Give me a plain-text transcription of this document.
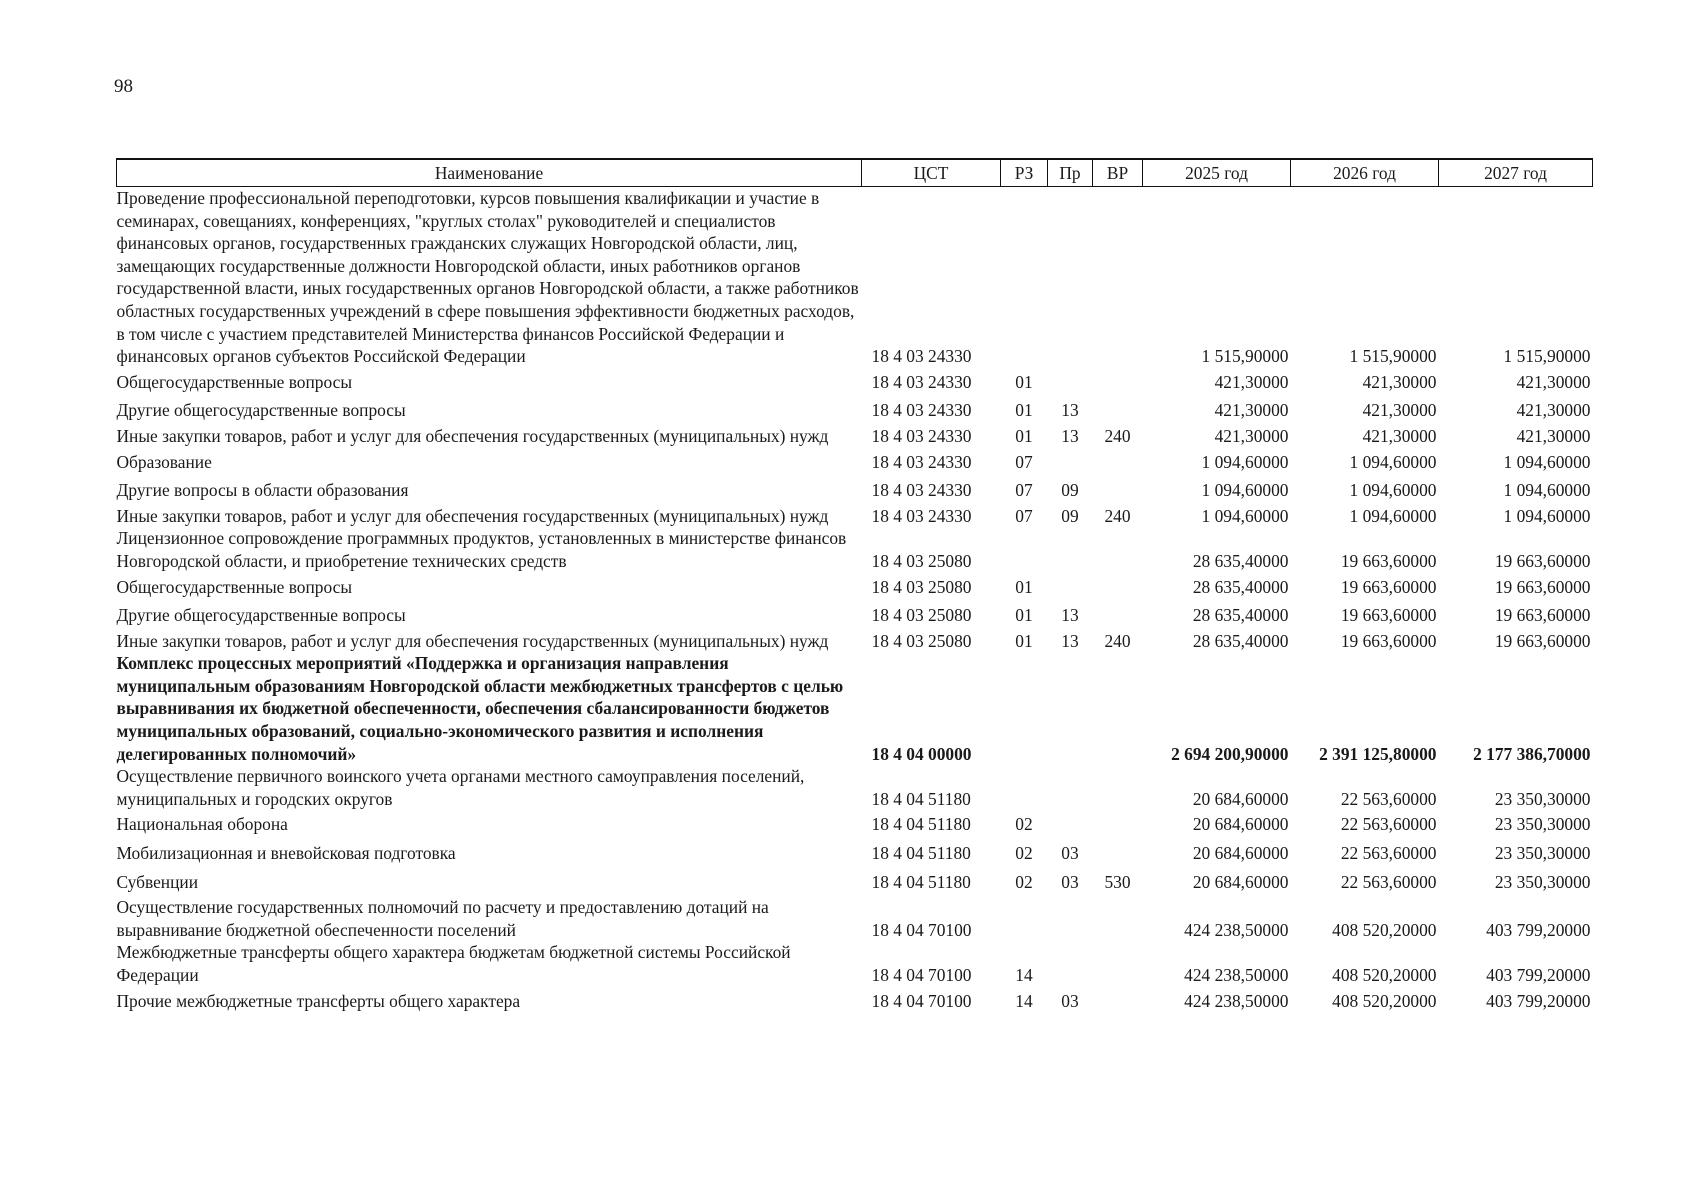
98
Наименование	ЦСТ	РЗ	Пр	ВР	2025 год	2026 год	2027 год
Проведение профессиональной переподготовки, курсов повышения квалификации и участие в семинарах, совещаниях, конференциях, "круглых столах" руководителей и специалистов финансовых органов, государственных гражданских служащих Новгородской области, лиц, замещающих государственные должности Новгородской области, иных работников органов государственной власти, иных государственных органов Новгородской области, а также работников областных государственных учреждений в сфере повышения эффективности бюджетных расходов, в том числе с участием представителей Министерства финансов Российской Федерации и финансовых органов субъектов Российской Федерации	18 4 03 24330				1 515,90000	1 515,90000	1 515,90000
Общегосударственные вопросы	18 4 03 24330	01			421,30000	421,30000	421,30000
Другие общегосударственные вопросы	18 4 03 24330	01	13		421,30000	421,30000	421,30000
Иные закупки товаров, работ и услуг для обеспечения государственных (муниципальных) нужд	18 4 03 24330	01	13	240	421,30000	421,30000	421,30000
Образование	18 4 03 24330	07			1 094,60000	1 094,60000	1 094,60000
Другие вопросы в области образования	18 4 03 24330	07	09		1 094,60000	1 094,60000	1 094,60000
Иные закупки товаров, работ и услуг для обеспечения государственных (муниципальных) нужд	18 4 03 24330	07	09	240	1 094,60000	1 094,60000	1 094,60000
Лицензионное сопровождение программных продуктов, установленных в министерстве финансов Новгородской области, и приобретение технических средств	18 4 03 25080				28 635,40000	19 663,60000	19 663,60000
Общегосударственные вопросы	18 4 03 25080	01			28 635,40000	19 663,60000	19 663,60000
Другие общегосударственные вопросы	18 4 03 25080	01	13		28 635,40000	19 663,60000	19 663,60000
Иные закупки товаров, работ и услуг для обеспечения государственных (муниципальных) нужд	18 4 03 25080	01	13	240	28 635,40000	19 663,60000	19 663,60000
Комплекс процессных мероприятий «Поддержка и организация направления муниципальным образованиям Новгородской области межбюджетных трансфертов с целью выравнивания их бюджетной обеспеченности, обеспечения сбалансированности бюджетов муниципальных образований, социально-экономического развития и исполнения делегированных полномочий»	18 4 04 00000				2 694 200,90000	2 391 125,80000	2 177 386,70000
Осуществление первичного воинского учета органами местного самоуправления поселений, муниципальных и городских округов	18 4 04 51180				20 684,60000	22 563,60000	23 350,30000
Национальная оборона	18 4 04 51180	02			20 684,60000	22 563,60000	23 350,30000
Мобилизационная и вневойсковая подготовка	18 4 04 51180	02	03		20 684,60000	22 563,60000	23 350,30000
Субвенции	18 4 04 51180	02	03	530	20 684,60000	22 563,60000	23 350,30000
Осуществление государственных полномочий по расчету и предоставлению дотаций на выравнивание бюджетной обеспеченности поселений	18 4 04 70100				424 238,50000	408 520,20000	403 799,20000
Межбюджетные трансферты общего характера бюджетам бюджетной системы Российской Федерации	18 4 04 70100	14			424 238,50000	408 520,20000	403 799,20000
Прочие межбюджетные трансферты общего характера	18 4 04 70100	14	03		424 238,50000	408 520,20000	403 799,20000
